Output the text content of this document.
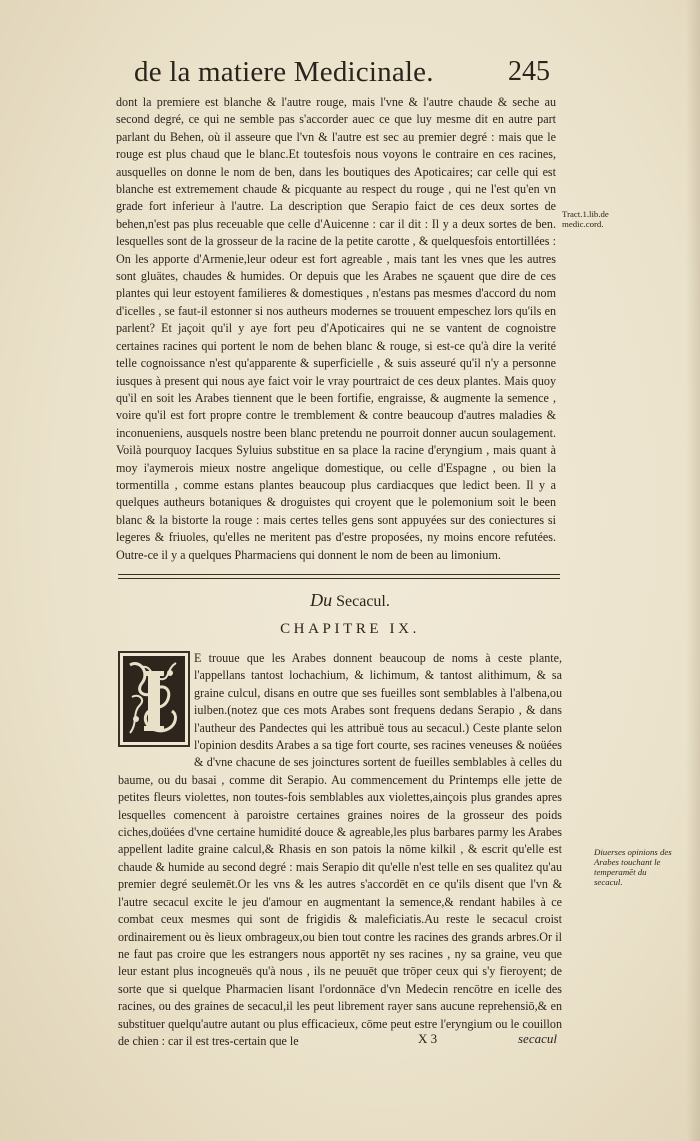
de la matiere Medicinale.	245

dont la premiere est blanche & l'autre rouge, mais l'vne & l'autre chaude & seche au second degré, ce qui ne semble pas s'accorder auec ce que luy mesme dit en autre part parlant du Behen, où il asseure que l'vn & l'autre est sec au premier degré : mais que le rouge est plus chaud que le blanc.Et toutesfois nous voyons le contraire en ces racines, ausquelles on donne le nom de ben, dans les boutiques des Apoticaires; car celle qui est blanche est extremement chaude & picquante au respect du rouge , qui ne l'est qu'en vn grade fort inferieur à l'autre. La description que Serapio faict de ces deux sortes de behen,n'est pas plus receuable que celle d'Auicenne : car il dit : Il y a deux sortes de ben. lesquelles sont de la grosseur de la racine de la petite carotte , & quelquesfois entortillées : On les apporte d'Armenie,leur odeur est fort agreable , mais tant les vnes que les autres sont gluätes, chaudes & humides. Or depuis que les Arabes ne sçauent que dire de ces plantes qui leur estoyent familieres & domestiques , n'estans pas mesmes d'accord du nom d'icelles , se faut-il estonner si nos autheurs modernes se trouuent empeschez lors qu'ils en parlent? Et jaçoit qu'il y aye fort peu d'Apoticaires qui ne se vantent de cognoistre certaines racines qui portent le nom de behen blanc & rouge, si est-ce qu'à dire la verité telle cognoissance n'est qu'apparente & superficielle , & suis asseuré qu'il n'y a personne iusques à present qui nous aye faict voir le vray pourtraict de ces deux plantes. Mais quoy qu'il en soit les Arabes tiennent que le been fortifie, engraisse, & augmente la semence , voire qu'il est fort propre contre le tremblement & contre beaucoup d'autres maladies & inconueniens, ausquels nostre been blanc pretendu ne pourroit donner aucun soulagement. Voilà pourquoy Iacques Syluius substitue en sa place la racine d'eryngium , mais quant à moy i'aymerois mieux nostre angelique domestique, ou celle d'Espagne , ou bien la tormentilla , comme estans plantes beaucoup plus cardiacques que ledict been. Il y a quelques autheurs botaniques & droguistes qui croyent que le polemonium soit le been blanc & la bistorte la rouge : mais certes telles gens sont appuyées sur des coniectures si legeres & friuoles, qu'elles ne meritent pas d'estre proposées, ny moins encore refutées. Outre-ce il y a quelques Pharmaciens qui donnent le nom de been au limonium.

Tract.1.lib.de medic.cord.
Du Secacul.
CHAPITRE IX.
E trouue que les Arabes donnent beaucoup de noms à ceste plante, l'appellans tantost lochachium, & lichimum, & tantost alithimum, & sa graine culcul, disans en outre que ses fueilles sont semblables à l'albena,ou iulben.(notez que ces mots Arabes sont frequens dedans Serapio , & dans l'autheur des Pandectes qui les attribuë tous au secacul.) Ceste plante selon l'opinion desdits Arabes a sa tige fort courte, ses racines veneuses & noüées & d'vne chacune de ses joinctures sortent de fueilles semblables à celles du baume, ou du basai , comme dit Serapio. Au commencement du Printemps elle jette de petites fleurs violettes, non toutes-fois semblables aux violettes,ainçois plus grandes apres lesquelles comencent à paroistre certaines graines noires de la grosseur des poids ciches,doüées d'vne certaine humidité douce & agreable,les plus barbares parmy les Arabes appellent ladite graine calcul,& Rhasis en son patois la nōme kilkil , & escrit qu'elle est chaude & humide au second degré : mais Serapio dit qu'elle n'est telle en ses qualitez qu'au premier degré seulemēt.Or les vns & les autres s'accordēt en ce qu'ils disent que l'vn & l'autre secacul excite le jeu d'amour en augmentant la semence,& rendant habiles à ce combat ceux mesmes qui sont de frigidis & maleficiatis.Au reste le secacul croist ordinairement ou ès lieux ombrageux,ou bien tout contre les racines des grands arbres.Or il ne faut pas croire que les estrangers nous apportēt ny ses racines , ny sa graine, veu que leur estant plus incogneuës qu'à nous , ils ne peuuēt que trōper ceux qui s'y fieroyent; de sorte que si quelque Pharmacien lisant l'ordonnāce d'vn Medecin rencōtre en icelle des racines, ou des graines de secacul,il les peut librement rayer sans aucune reprehensiō,& en substituer quelqu'autre autant ou plus efficacieux, cōme peut estre l'eryngium ou le couillon de chien : car il est tres-certain que le
Diuerses opinions des Arabes touchant le temperamēt du secacul.
X 3	secacul
